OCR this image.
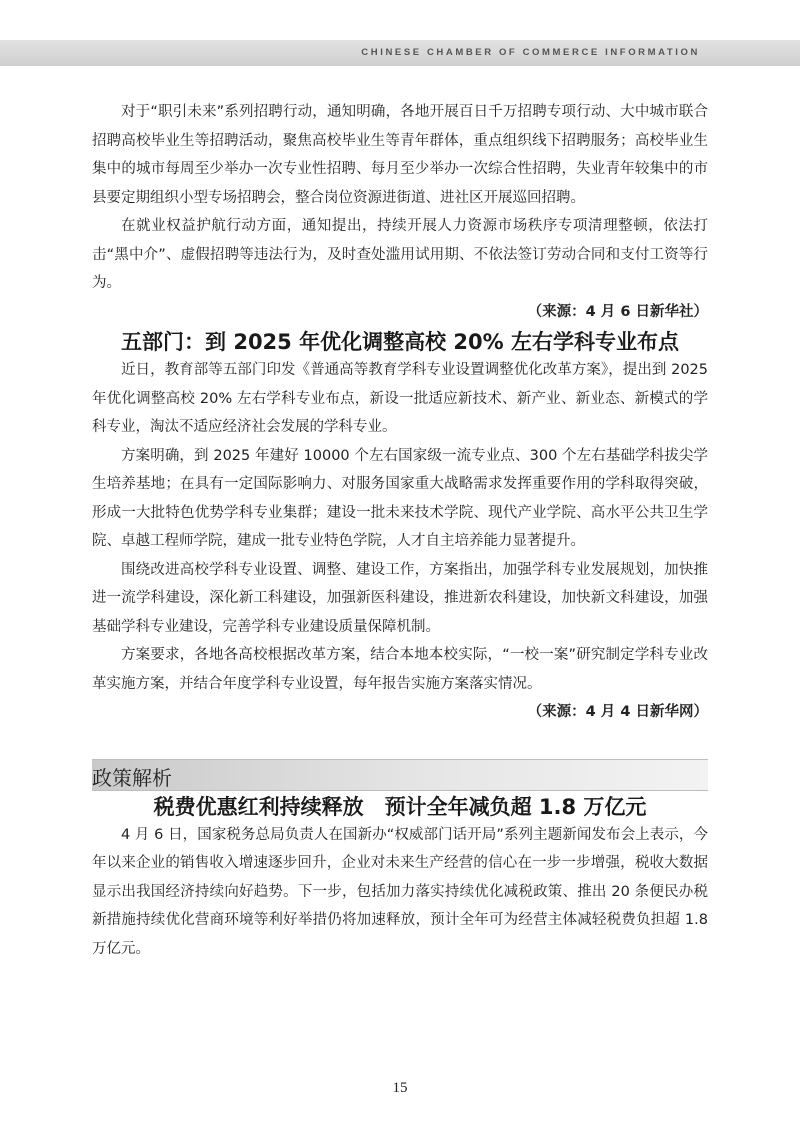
CHINESE CHAMBER OF COMMERCE INFORMATION

对于“职引未来”系列招聘行动，通知明确，各地开展百日千万招聘专项行动、大中城市联合招聘高校毕业生等招聘活动，聚焦高校毕业生等青年群体，重点组织线下招聘服务；高校毕业生集中的城市每周至少举办一次专业性招聘、每月至少举办一次综合性招聘，失业青年较集中的市县要定期组织小型专场招聘会，整合岗位资源进街道、进社区开展巡回招聘。

在就业权益护航行动方面，通知提出，持续开展人力资源市场秩序专项清理整顿，依法打击“黑中介”、虚假招聘等违法行为，及时查处滥用试用期、不依法签订劳动合同和支付工资等行为。

（来源：4 月 6 日新华社）
五部门：到 2025 年优化调整高校 20% 左右学科专业布点

近日，教育部等五部门印发《普通高等教育学科专业设置调整优化改革方案》，提出到 2025 年优化调整高校 20% 左右学科专业布点，新设一批适应新技术、新产业、新业态、新模式的学科专业，淘汰不适应经济社会发展的学科专业。

方案明确，到 2025 年建好 10000 个左右国家级一流专业点、300 个左右基础学科拔尖学生培养基地；在具有一定国际影响力、对服务国家重大战略需求发挥重要作用的学科取得突破，形成一大批特色优势学科专业集群；建设一批未来技术学院、现代产业学院、高水平公共卫生学院、卓越工程师学院，建成一批专业特色学院，人才自主培养能力显著提升。

围绕改进高校学科专业设置、调整、建设工作，方案指出，加强学科专业发展规划，加快推进一流学科建设，深化新工科建设，加强新医科建设，推进新农科建设，加快新文科建设，加强基础学科专业建设，完善学科专业建设质量保障机制。

方案要求，各地各高校根据改革方案，结合本地本校实际，“一校一案”研究制定学科专业改革实施方案，并结合年度学科专业设置，每年报告实施方案落实情况。

（来源：4 月 4 日新华网）
政策解析
税费优惠红利持续释放　预计全年减负超 1.8 万亿元

4 月 6 日，国家税务总局负责人在国新办“权威部门话开局”系列主题新闻发布会上表示，今年以来企业的销售收入增速逐步回升，企业对未来生产经营的信心在一步一步增强，税收大数据显示出我国经济持续向好趋势。下一步，包括加力落实持续优化减税政策、推出 20 条便民办税新措施持续优化营商环境等利好举措仍将加速释放，预计全年可为经营主体减轻税费负担超 1.8 万亿元。

15
